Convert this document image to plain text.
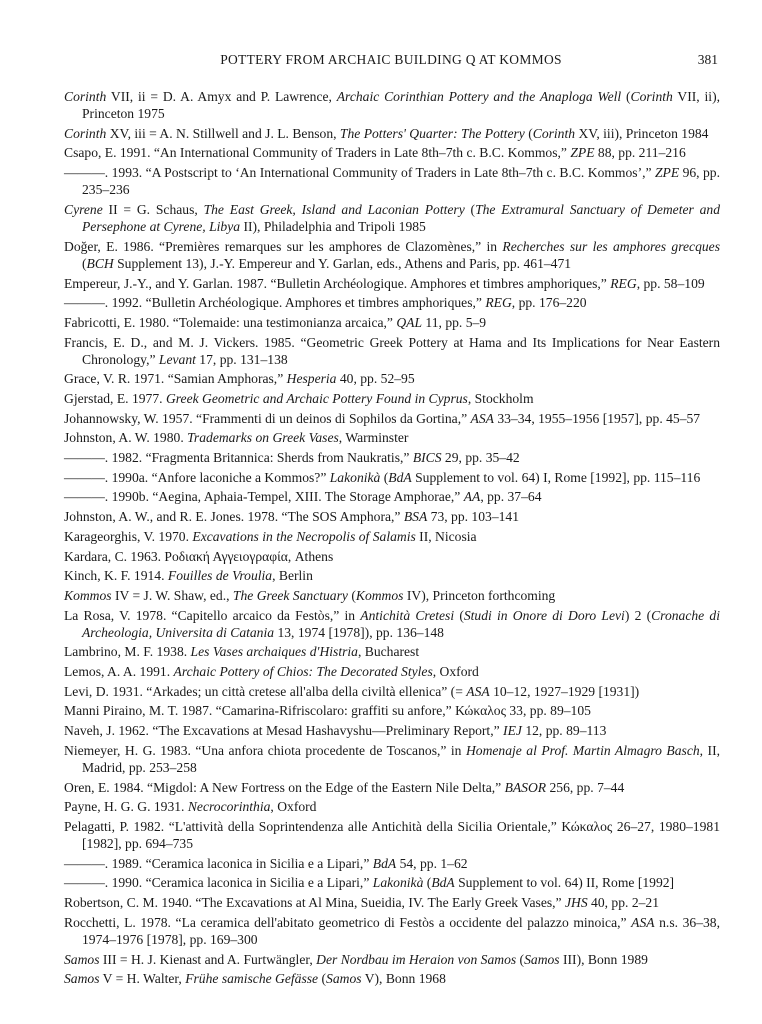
POTTERY FROM ARCHAIC BUILDING Q AT KOMMOS	381

Corinth VII, ii = D. A. Amyx and P. Lawrence, Archaic Corinthian Pottery and the Anaploga Well (Corinth VII, ii), Princeton 1975

Corinth XV, iii = A. N. Stillwell and J. L. Benson, The Potters' Quarter: The Pottery (Corinth XV, iii), Princeton 1984

Csapo, E. 1991. “An International Community of Traders in Late 8th–7th c. B.C. Kommos,” ZPE 88, pp. 211–216

———. 1993. “A Postscript to ‘An International Community of Traders in Late 8th–7th c. B.C. Kommos’,” ZPE 96, pp. 235–236

Cyrene II = G. Schaus, The East Greek, Island and Laconian Pottery (The Extramural Sanctuary of Demeter and Persephone at Cyrene, Libya II), Philadelphia and Tripoli 1985

Doğer, E. 1986. “Premières remarques sur les amphores de Clazomènes,” in Recherches sur les amphores grecques (BCH Supplement 13), J.-Y. Empereur and Y. Garlan, eds., Athens and Paris, pp. 461–471

Empereur, J.-Y., and Y. Garlan. 1987. “Bulletin Archéologique. Amphores et timbres amphoriques,” REG, pp. 58–109

———. 1992. “Bulletin Archéologique. Amphores et timbres amphoriques,” REG, pp. 176–220

Fabricotti, E. 1980. “Tolemaide: una testimonianza arcaica,” QAL 11, pp. 5–9

Francis, E. D., and M. J. Vickers. 1985. “Geometric Greek Pottery at Hama and Its Implications for Near Eastern Chronology,” Levant 17, pp. 131–138

Grace, V. R. 1971. “Samian Amphoras,” Hesperia 40, pp. 52–95

Gjerstad, E. 1977. Greek Geometric and Archaic Pottery Found in Cyprus, Stockholm

Johannowsky, W. 1957. “Frammenti di un deinos di Sophilos da Gortina,” ASA 33–34, 1955–1956 [1957], pp. 45–57

Johnston, A. W. 1980. Trademarks on Greek Vases, Warminster

———. 1982. “Fragmenta Britannica: Sherds from Naukratis,” BICS 29, pp. 35–42

———. 1990a. “Anfore laconiche a Kommos?” Lakonikà (BdA Supplement to vol. 64) I, Rome [1992], pp. 115–116

———. 1990b. “Aegina, Aphaia-Tempel, XIII. The Storage Amphorae,” AA, pp. 37–64

Johnston, A. W., and R. E. Jones. 1978. “The SOS Amphora,” BSA 73, pp. 103–141

Karageorghis, V. 1970. Excavations in the Necropolis of Salamis II, Nicosia

Kardara, C. 1963. Ροδιακή Αγγειογραφία, Athens

Kinch, K. F. 1914. Fouilles de Vroulia, Berlin

Kommos IV = J. W. Shaw, ed., The Greek Sanctuary (Kommos IV), Princeton forthcoming

La Rosa, V. 1978. “Capitello arcaico da Festòs,” in Antichità Cretesi (Studi in Onore di Doro Levi) 2 (Cronache di Archeologia, Universita di Catania 13, 1974 [1978]), pp. 136–148

Lambrino, M. F. 1938. Les Vases archaiques d'Histria, Bucharest

Lemos, A. A. 1991. Archaic Pottery of Chios: The Decorated Styles, Oxford

Levi, D. 1931. “Arkades; un città cretese all'alba della civiltà ellenica” (= ASA 10–12, 1927–1929 [1931])

Manni Piraino, M. T. 1987. “Camarina-Rifriscolaro: graffiti su anfore,” Κώκαλος 33, pp. 89–105

Naveh, J. 1962. “The Excavations at Mesad Hashavyshu—Preliminary Report,” IEJ 12, pp. 89–113

Niemeyer, H. G. 1983. “Una anfora chiota procedente de Toscanos,” in Homenaje al Prof. Martin Almagro Basch, II, Madrid, pp. 253–258

Oren, E. 1984. “Migdol: A New Fortress on the Edge of the Eastern Nile Delta,” BASOR 256, pp. 7–44

Payne, H. G. G. 1931. Necrocorinthia, Oxford

Pelagatti, P. 1982. “L'attività della Soprintendenza alle Antichità della Sicilia Orientale,” Κώκαλος 26–27, 1980–1981 [1982], pp. 694–735

———. 1989. “Ceramica laconica in Sicilia e a Lipari,” BdA 54, pp. 1–62

———. 1990. “Ceramica laconica in Sicilia e a Lipari,” Lakonikà (BdA Supplement to vol. 64) II, Rome [1992]

Robertson, C. M. 1940. “The Excavations at Al Mina, Sueidia, IV. The Early Greek Vases,” JHS 40, pp. 2–21

Rocchetti, L. 1978. “La ceramica dell'abitato geometrico di Festòs a occidente del palazzo minoica,” ASA n.s. 36–38, 1974–1976 [1978], pp. 169–300

Samos III = H. J. Kienast and A. Furtwängler, Der Nordbau im Heraion von Samos (Samos III), Bonn 1989

Samos V = H. Walter, Frühe samische Gefässe (Samos V), Bonn 1968
